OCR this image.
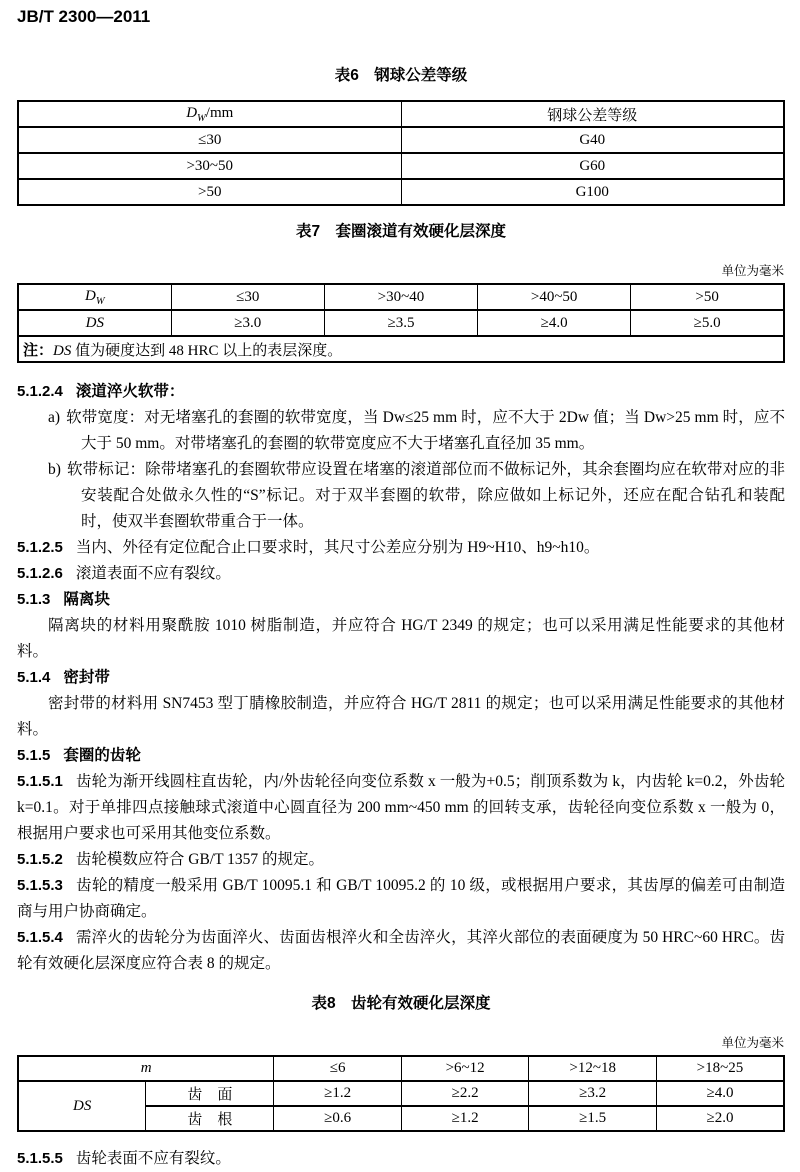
JB/T 2300—2011
表6　钢球公差等级
$D_W/mm$	钢球公差等级
≤30	G40
>30~50	G60
>50	G100
表7　套圈滚道有效硬化层深度
单位为毫米
$D_W$	≤30	>30~40	>40~50	>50
DS	≥3.0	≥3.5	≥4.0	≥5.0
注：DS 值为硬度达到 48 HRC 以上的表层深度。				

5.1.2.4 滚道淬火软带：

a) 软带宽度：对无堵塞孔的套圈的软带宽度，当 Dw≤25 mm 时，应不大于 2Dw 值；当 Dw>25 mm 时，应不大于 50 mm。对带堵塞孔的套圈的软带宽度应不大于堵塞孔直径加 35 mm。

b) 软带标记：除带堵塞孔的套圈软带应设置在堵塞的滚道部位而不做标记外，其余套圈均应在软带对应的非安装配合处做永久性的“S”标记。对于双半套圈的软带，除应做如上标记外，还应在配合钻孔和装配时，使双半套圈软带重合于一体。

5.1.2.5 当内、外径有定位配合止口要求时，其尺寸公差应分别为 H9~H10、h9~h10。

5.1.2.6 滚道表面不应有裂纹。

5.1.3 隔离块

隔离块的材料用聚酰胺 1010 树脂制造，并应符合 HG/T 2349 的规定；也可以采用满足性能要求的其他材料。

5.1.4 密封带

密封带的材料用 SN7453 型丁腈橡胶制造，并应符合 HG/T 2811 的规定；也可以采用满足性能要求的其他材料。

5.1.5 套圈的齿轮

5.1.5.1 齿轮为渐开线圆柱直齿轮，内/外齿轮径向变位系数 x 一般为+0.5；削顶系数为 k，内齿轮 k=0.2，外齿轮 k=0.1。对于单排四点接触球式滚道中心圆直径为 200 mm~450 mm 的回转支承，齿轮径向变位系数 x 一般为 0，根据用户要求也可采用其他变位系数。

5.1.5.2 齿轮模数应符合 GB/T 1357 的规定。

5.1.5.3 齿轮的精度一般采用 GB/T 10095.1 和 GB/T 10095.2 的 10 级，或根据用户要求，其齿厚的偏差可由制造商与用户协商确定。

5.1.5.4 需淬火的齿轮分为齿面淬火、齿面齿根淬火和全齿淬火，其淬火部位的表面硬度为 50 HRC~60 HRC。齿轮有效硬化层深度应符合表 8 的规定。

表8　齿轮有效硬化层深度
单位为毫米
m		≤6	>6~12	>12~18	>18~25
DS	齿　面	≥1.2	≥2.2	≥3.2	≥4.0
	齿　根	≥0.6	≥1.2	≥1.5	≥2.0

5.1.5.5 齿轮表面不应有裂纹。
